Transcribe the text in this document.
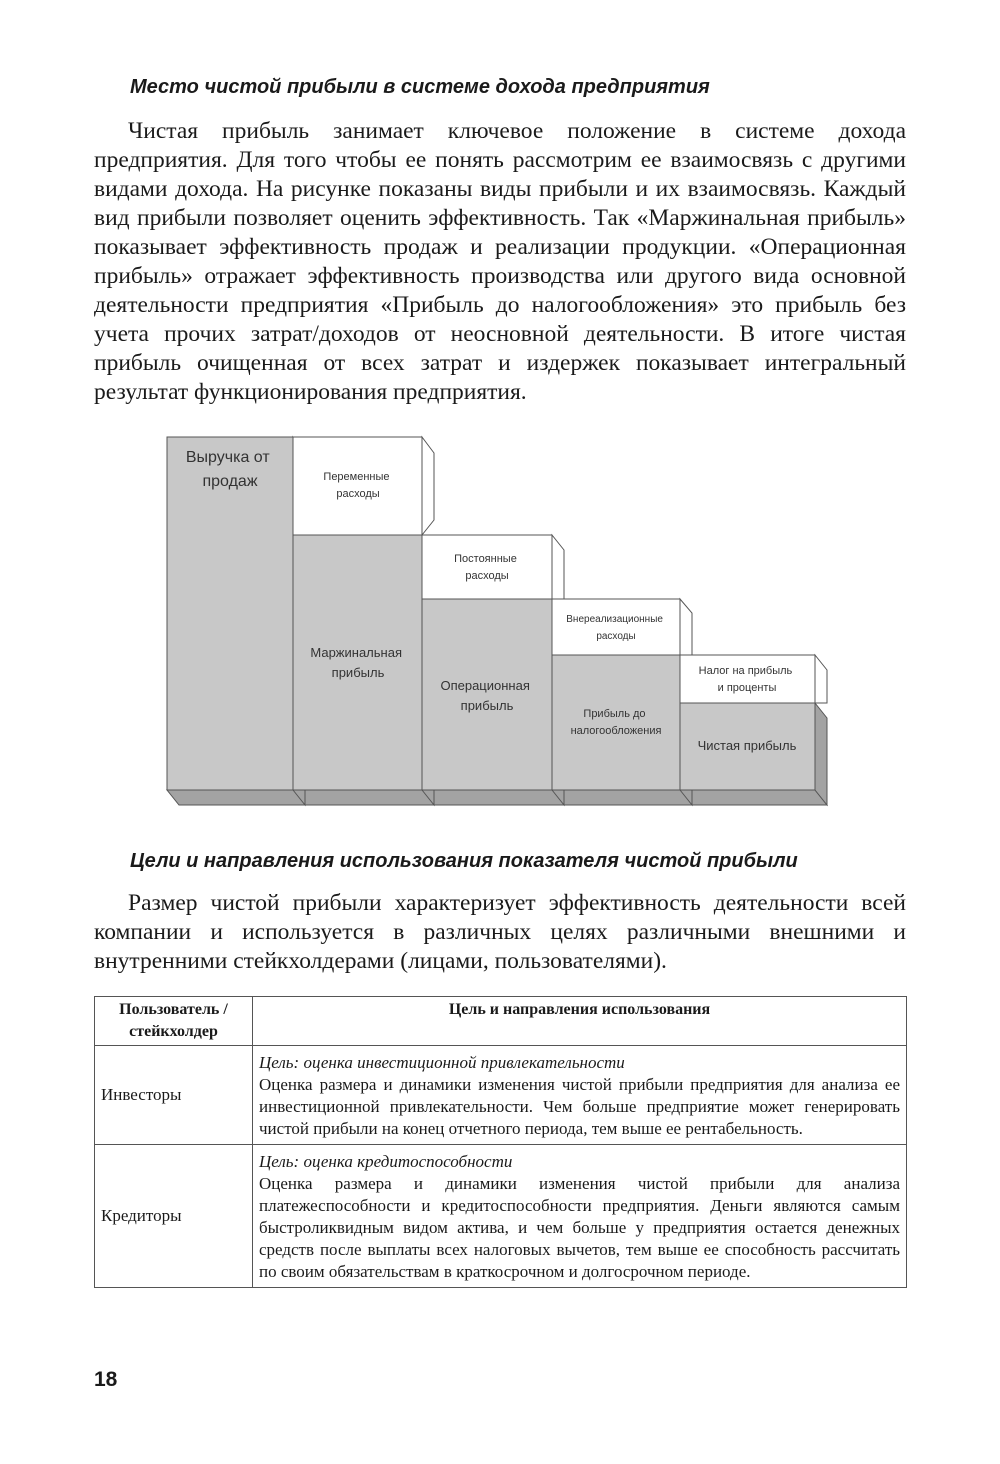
Место чистой прибыли в системе дохода предприятия

Чистая прибыль занимает ключевое положение в системе дохода предприятия. Для того чтобы ее понять рассмотрим ее взаимосвязь с другими видами дохода. На рисунке показаны виды прибыли и их взаимосвязь. Каждый вид прибыли позволяет оценить эффективность. Так «Маржинальная прибыль» показывает эффективность продаж и реализации продукции. «Операционная прибыль» отражает эффективность производства или другого вида основной деятельности предприятия «Прибыль до налогообложения» это прибыль без учета прочих затрат/доходов от неосновной деятельности. В итоге чистая прибыль очищенная от всех затрат и издержек показывает интегральный результат функционирования предприятия.

Выручка от продаж	Переменные расходы
Маржинальная прибыль
Постоянные расходы
Операционная прибыль
Внереализационные расходы
Прибыль до налогообложения
Налог на прибыль и проценты
Чистая прибыль
Цели и направления использования показателя чистой прибыли

Размер чистой прибыли характеризует эффективность деятельности всей компании и используется в различных целях различными внешними и внутренними стейкхолдерами (лицами, пользователями).

Пользователь / стейкхолдер	Цель и направления использования
Инвесторы	Цель: оценка инвестиционной привлекательности
Оценка размера и динамики изменения чистой прибыли предприятия для анализа ее инвестиционной привлекательности. Чем больше предприятие может генерировать чистой прибыли на конец отчетного периода, тем выше ее рентабельность.
Кредиторы	Цель: оценка кредитоспособности
Оценка размера и динамики изменения чистой прибыли для анализа платежеспособности и кредитоспособности предприятия. Деньги являются самым быстроликвидным видом актива, и чем больше у предприятия остается денежных средств после выплаты всех налоговых вычетов, тем выше ее способность рассчитать по своим обязательствам в краткосрочном и долгосрочном периоде.

18
